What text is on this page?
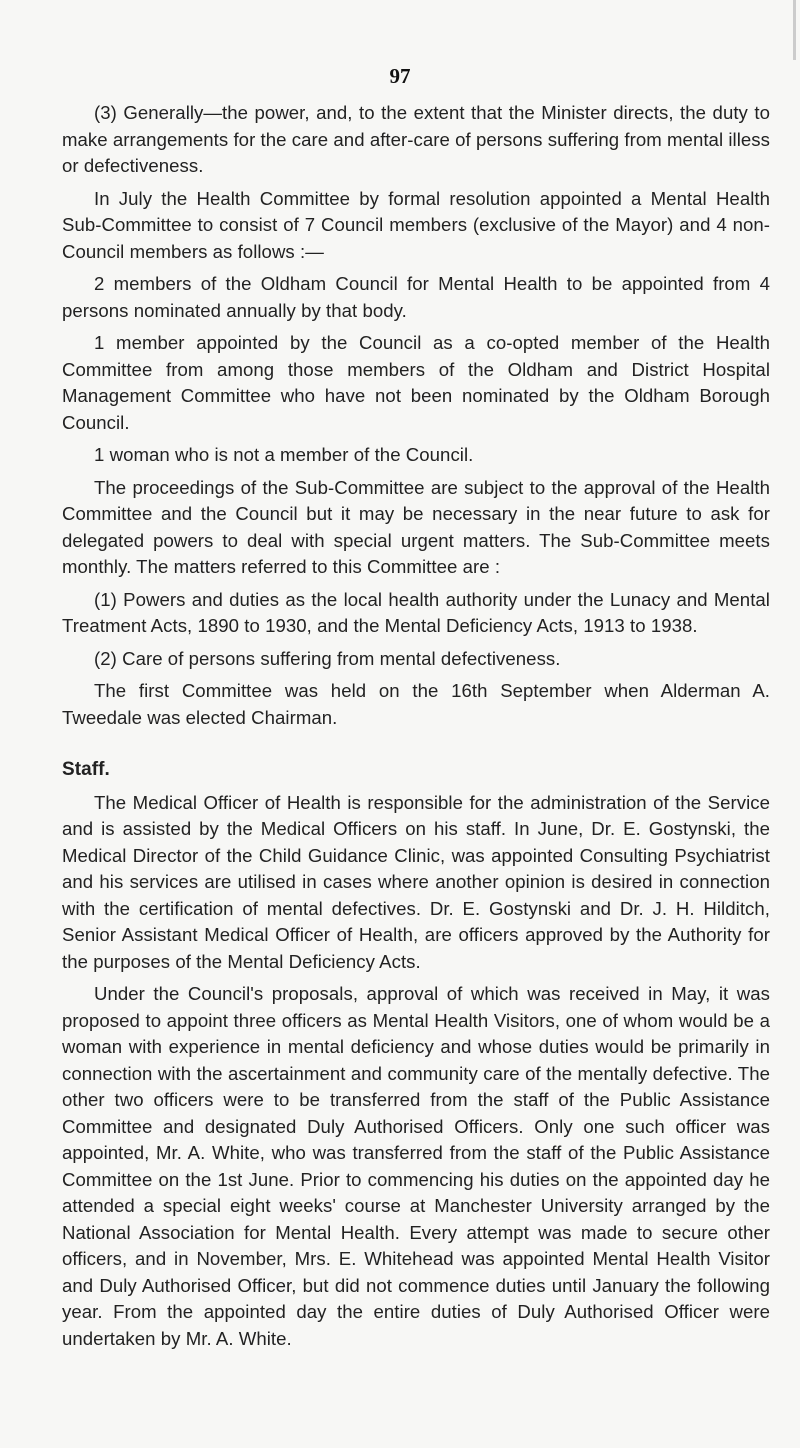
97

(3) Generally—the power, and, to the extent that the Minister directs, the duty to make arrangements for the care and after-care of persons suffering from mental illess or defectiveness.

In July the Health Committee by formal resolution appointed a Mental Health Sub-Committee to consist of 7 Council members (exclusive of the Mayor) and 4 non-Council members as follows :—

2 members of the Oldham Council for Mental Health to be appointed from 4 persons nominated annually by that body.

1 member appointed by the Council as a co-opted member of the Health Committee from among those members of the Oldham and District Hospital Management Committee who have not been nominated by the Oldham Borough Council.

1 woman who is not a member of the Council.

The proceedings of the Sub-Committee are subject to the approval of the Health Committee and the Council but it may be necessary in the near future to ask for delegated powers to deal with special urgent matters. The Sub-Committee meets monthly. The matters referred to this Committee are :

(1) Powers and duties as the local health authority under the Lunacy and Mental Treatment Acts, 1890 to 1930, and the Mental Deficiency Acts, 1913 to 1938.

(2) Care of persons suffering from mental defectiveness.

The first Committee was held on the 16th September when Alderman A. Tweedale was elected Chairman.

Staff.

The Medical Officer of Health is responsible for the administration of the Service and is assisted by the Medical Officers on his staff. In June, Dr. E. Gostynski, the Medical Director of the Child Guidance Clinic, was appointed Consulting Psychiatrist and his services are utilised in cases where another opinion is desired in connection with the certification of mental defectives. Dr. E. Gostynski and Dr. J. H. Hilditch, Senior Assistant Medical Officer of Health, are officers approved by the Authority for the purposes of the Mental Deficiency Acts.

Under the Council's proposals, approval of which was received in May, it was proposed to appoint three officers as Mental Health Visitors, one of whom would be a woman with experience in mental deficiency and whose duties would be primarily in connection with the ascertainment and community care of the mentally defective. The other two officers were to be transferred from the staff of the Public Assistance Committee and designated Duly Authorised Officers. Only one such officer was appointed, Mr. A. White, who was transferred from the staff of the Public Assistance Committee on the 1st June. Prior to commencing his duties on the appointed day he attended a special eight weeks' course at Manchester University arranged by the National Association for Mental Health. Every attempt was made to secure other officers, and in November, Mrs. E. Whitehead was appointed Mental Health Visitor and Duly Authorised Officer, but did not commence duties until January the following year. From the appointed day the entire duties of Duly Authorised Officer were undertaken by Mr. A. White.
